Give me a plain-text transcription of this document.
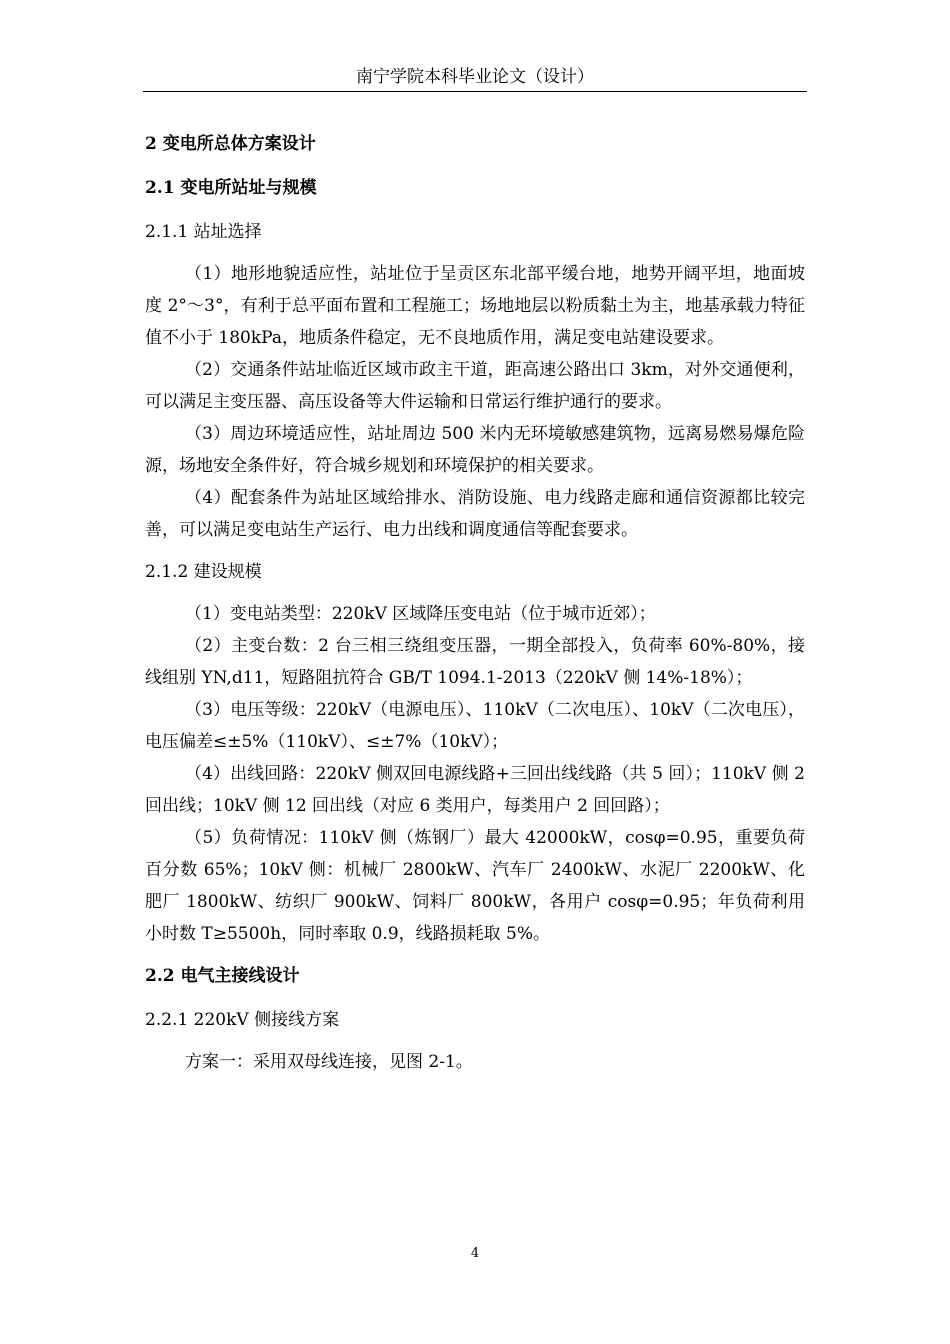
南宁学院本科毕业论文（设计）
2 变电所总体方案设计
2.1 变电所站址与规模
2.1.1 站址选择

（1）地形地貌适应性，站址位于呈贡区东北部平缓台地，地势开阔平坦，地面坡度 2°～3°，有利于总平面布置和工程施工；场地地层以粉质黏土为主，地基承载力特征值不小于 180kPa，地质条件稳定，无不良地质作用，满足变电站建设要求。

（2）交通条件站址临近区域市政主干道，距高速公路出口 3km，对外交通便利，可以满足主变压器、高压设备等大件运输和日常运行维护通行的要求。

（3）周边环境适应性，站址周边 500 米内无环境敏感建筑物，远离易燃易爆危险源，场地安全条件好，符合城乡规划和环境保护的相关要求。

（4）配套条件为站址区域给排水、消防设施、电力线路走廊和通信资源都比较完善，可以满足变电站生产运行、电力出线和调度通信等配套要求。

2.1.2 建设规模

（1）变电站类型：220kV 区域降压变电站（位于城市近郊）；

（2）主变台数：2 台三相三绕组变压器，一期全部投入，负荷率 60%-80%，接线组别 YN,d11，短路阻抗符合 GB/T 1094.1-2013（220kV 侧 14%-18%）；

（3）电压等级：220kV（电源电压）、110kV（二次电压）、10kV（二次电压），电压偏差≤±5%（110kV）、≤±7%（10kV）；

（4）出线回路：220kV 侧双回电源线路+三回出线线路（共 5 回）；110kV 侧 2 回出线；10kV 侧 12 回出线（对应 6 类用户，每类用户 2 回回路）；

（5）负荷情况：110kV 侧（炼钢厂）最大 42000kW，cosφ=0.95，重要负荷百分数 65%；10kV 侧：机械厂 2800kW、汽车厂 2400kW、水泥厂 2200kW、化肥厂 1800kW、纺织厂 900kW、饲料厂 800kW，各用户 cosφ=0.95；年负荷利用小时数 T≥5500h，同时率取 0.9，线路损耗取 5%。

2.2 电气主接线设计
2.2.1 220kV 侧接线方案

方案一：采用双母线连接，见图 2-1。

4
